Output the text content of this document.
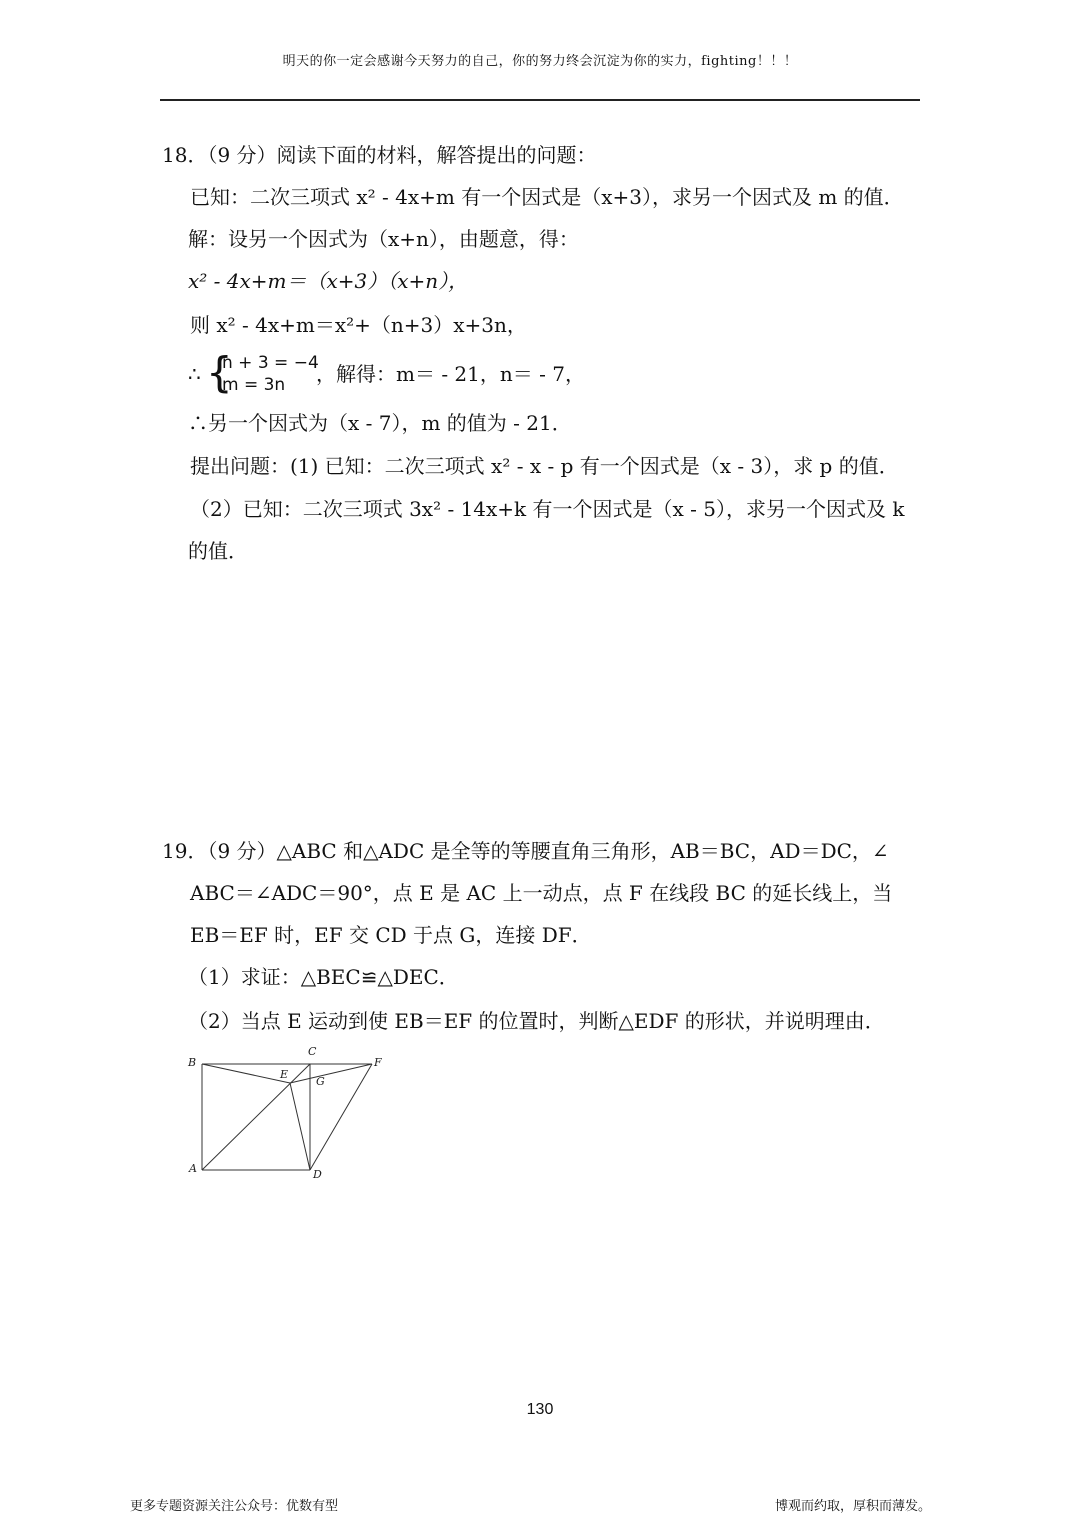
明天的你一定会感谢今天努力的自己，你的努力终会沉淀为你的实力，fighting！！！
18．（9 分）阅读下面的材料，解答提出的问题：
已知：二次三项式 x² - 4x+m 有一个因式是（x+3），求另一个因式及 m 的值．
解：设另一个因式为（x+n），由题意，得：
x² - 4x+m＝（x+3）（x+n），
则 x² - 4x+m＝x²+（n+3）x+3n，
∴ {
n + 3 = −4
m = 3n ，解得：m＝ - 21，n＝ - 7，
∴另一个因式为（x - 7），m 的值为 - 21．
提出问题：(1) 已知：二次三项式 x² - x - p 有一个因式是（x - 3），求 p 的值．
（2）已知：二次三项式 3x² - 14x+k 有一个因式是（x - 5），求另一个因式及 k
的值．
19．（9 分）△ABC 和△ADC 是全等的等腰直角三角形，AB＝BC，AD＝DC，∠
ABC＝∠ADC＝90°，点 E 是 AC 上一动点，点 F 在线段 BC 的延长线上，当
EB＝EF 时，EF 交 CD 于点 G，连接 DF．
（1）求证：△BEC≌△DEC．
（2）当点 E 运动到使 EB＝EF 的位置时，判断△EDF 的形状，并说明理由．
B
C
E
G
F
A	D
130
更多专题资源关注公众号：优数有型	博观而约取，厚积而薄发。
